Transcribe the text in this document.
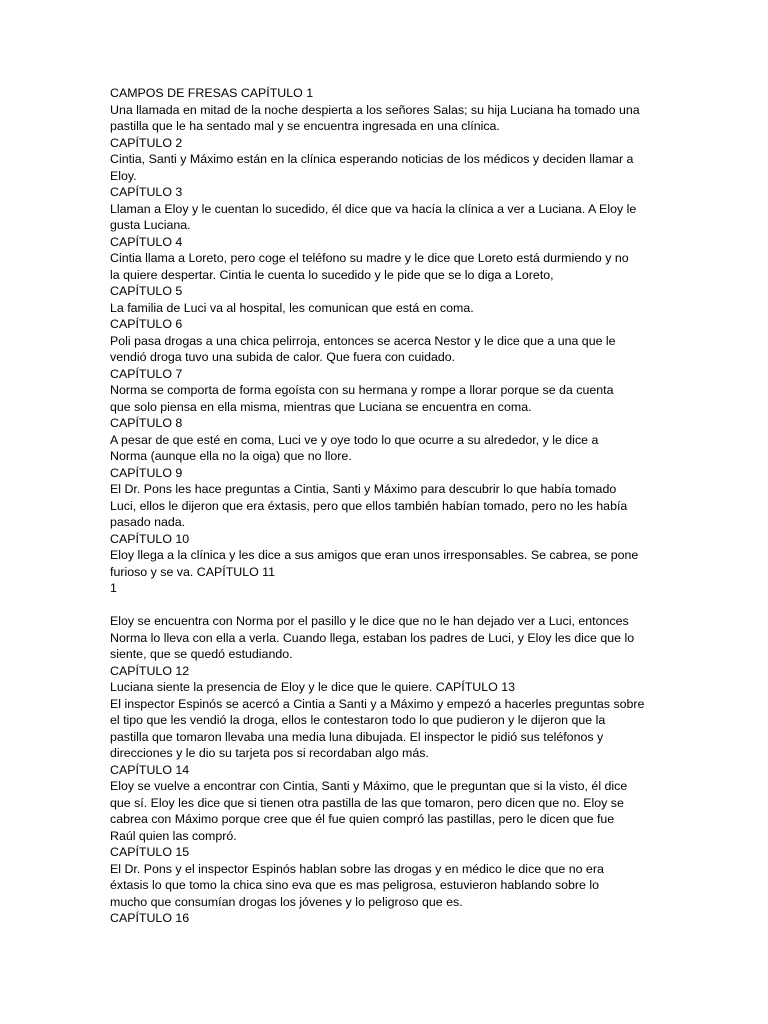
CAMPOS DE FRESAS CAPÍTULO 1

Una llamada en mitad de la noche despierta a los señores Salas; su hija Luciana ha tomado una

pastilla que le ha sentado mal y se encuentra ingresada en una clínica.

CAPÍTULO 2

Cintia, Santi y Máximo están en la clínica esperando noticias de los médicos y deciden llamar a

Eloy.

CAPÍTULO 3

Llaman a Eloy y le cuentan lo sucedido, él dice que va hacía la clínica a ver a Luciana. A Eloy le

gusta Luciana.

CAPÍTULO 4

Cintia llama a Loreto, pero coge el teléfono su madre y le dice que Loreto está durmiendo y no

la quiere despertar. Cintia le cuenta lo sucedido y le pide que se lo diga a Loreto,

CAPÍTULO 5

La familia de Luci va al hospital, les comunican que está en coma.

CAPÍTULO 6

Poli pasa drogas a una chica pelirroja, entonces se acerca Nestor y le dice que a una que le

vendió droga tuvo una subida de calor. Que fuera con cuidado.

CAPÍTULO 7

Norma se comporta de forma egoísta con su hermana y rompe a llorar porque se da cuenta

que solo piensa en ella misma, mientras que Luciana se encuentra en coma.

CAPÍTULO 8

A pesar de que esté en coma, Luci ve y oye todo lo que ocurre a su alrededor, y le dice a

Norma (aunque ella no la oiga) que no llore.

CAPÍTULO 9

El Dr. Pons les hace preguntas a Cintia, Santi y Máximo para descubrir lo que había tomado

Luci, ellos le dijeron que era éxtasis, pero que ellos también habían tomado, pero no les había

pasado nada.

CAPÍTULO 10

Eloy llega a la clínica y les dice a sus amigos que eran unos irresponsables. Se cabrea, se pone

furioso y se va. CAPÍTULO 11

1

Eloy se encuentra con Norma por el pasillo y le dice que no le han dejado ver a Luci, entonces

Norma lo lleva con ella a verla. Cuando llega, estaban los padres de Luci, y Eloy les dice que lo

siente, que se quedó estudiando.

CAPÍTULO 12

Luciana siente la presencia de Eloy y le dice que le quiere. CAPÍTULO 13

El inspector Espinós se acercó a Cintia a Santi y a Máximo y empezó a hacerles preguntas sobre

el tipo que les vendió la droga, ellos le contestaron todo lo que pudieron y le dijeron que la

pastilla que tomaron llevaba una media luna dibujada. El inspector le pidió sus teléfonos y

direcciones y le dio su tarjeta pos si recordaban algo más.

CAPÍTULO 14

Eloy se vuelve a encontrar con Cintia, Santi y Máximo, que le preguntan que si la visto, él dice

que sí. Eloy les dice que si tienen otra pastilla de las que tomaron, pero dicen que no. Eloy se

cabrea con Máximo porque cree que él fue quien compró las pastillas, pero le dicen que fue

Raúl quien las compró.

CAPÍTULO 15

El Dr. Pons y el inspector Espinós hablan sobre las drogas y en médico le dice que no era

éxtasis lo que tomo la chica sino eva que es mas peligrosa, estuvieron hablando sobre lo

mucho que consumían drogas los jóvenes y lo peligroso que es.

CAPÍTULO 16
